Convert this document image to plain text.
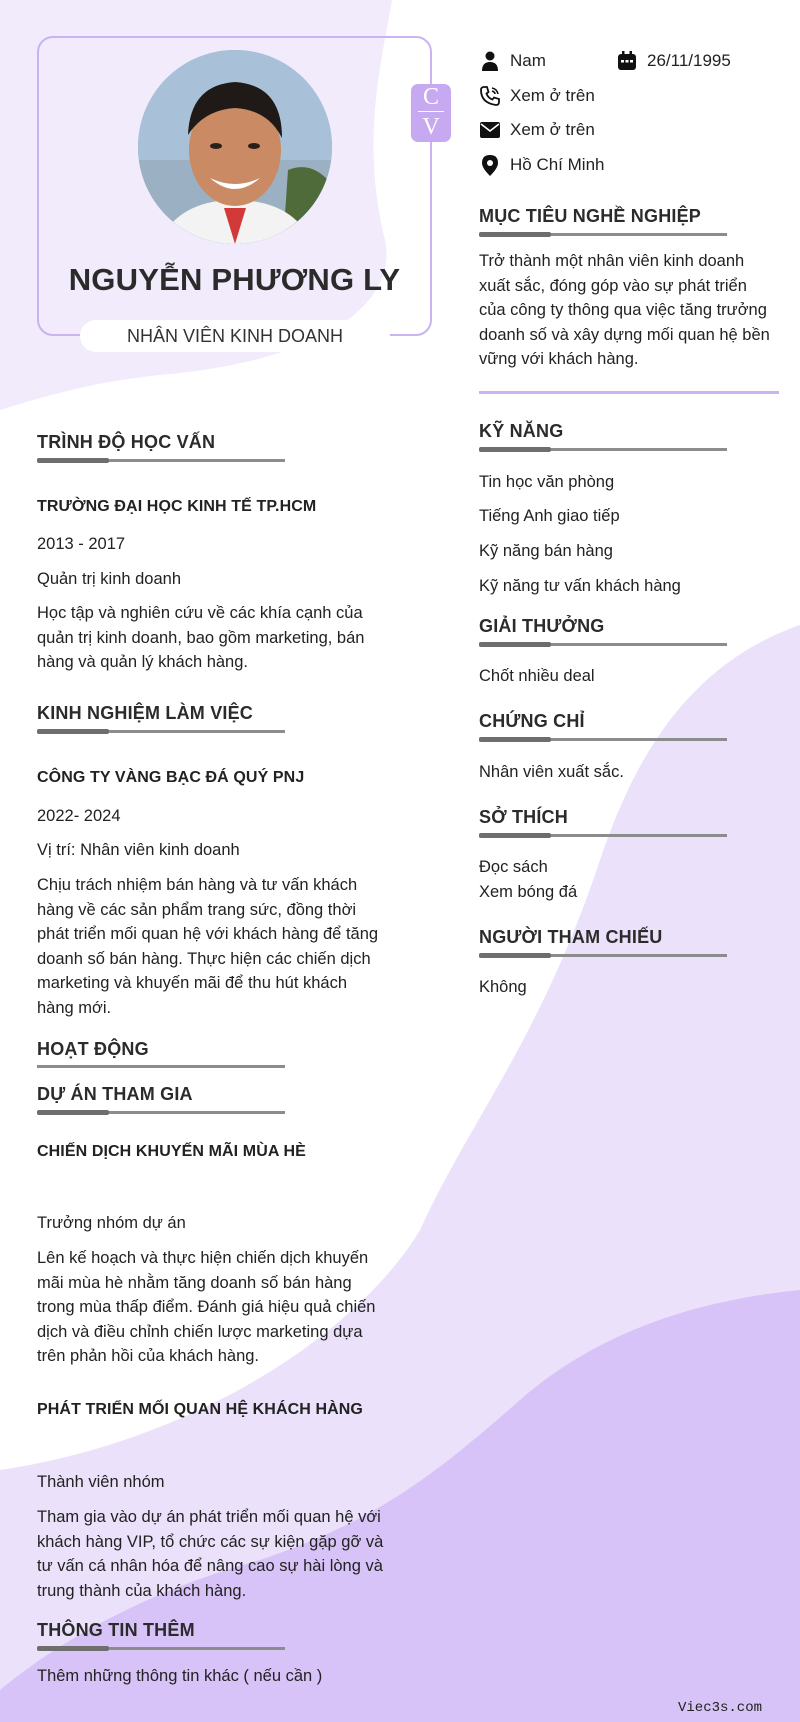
C
V
NGUYỄN PHƯƠNG LY
NHÂN VIÊN KINH DOANH
Nam	26/11/1995
Xem ở trên
Xem ở trên
Hồ Chí Minh
MỤC TIÊU NGHỀ NGHIỆP
Trở thành một nhân viên kinh doanh
xuất sắc, đóng góp vào sự phát triển
của công ty thông qua việc tăng trưởng
doanh số và xây dựng mối quan hệ bền
vững với khách hàng.
KỸ NĂNG
Tin học văn phòng
Tiếng Anh giao tiếp
Kỹ năng bán hàng
Kỹ năng tư vấn khách hàng
GIẢI THƯỞNG
Chốt nhiều deal
CHỨNG CHỈ
Nhân viên xuất sắc.
SỞ THÍCH
Đọc sách
Xem bóng đá
NGƯỜI THAM CHIẾU
Không
TRÌNH ĐỘ HỌC VẤN
TRƯỜNG ĐẠI HỌC KINH TẾ TP.HCM
2013 - 2017
Quản trị kinh doanh
Học tập và nghiên cứu về các khía cạnh của
quản trị kinh doanh, bao gồm marketing, bán
hàng và quản lý khách hàng.
KINH NGHIỆM LÀM VIỆC
CÔNG TY VÀNG BẠC ĐÁ QUÝ PNJ
2022- 2024
Vị trí: Nhân viên kinh doanh
Chịu trách nhiệm bán hàng và tư vấn khách
hàng về các sản phẩm trang sức, đồng thời
phát triển mối quan hệ với khách hàng để tăng
doanh số bán hàng. Thực hiện các chiến dịch
marketing và khuyến mãi để thu hút khách
hàng mới.
HOẠT ĐỘNG
DỰ ÁN THAM GIA
CHIẾN DỊCH KHUYẾN MÃI MÙA HÈ
Trưởng nhóm dự án
Lên kế hoạch và thực hiện chiến dịch khuyến
mãi mùa hè nhằm tăng doanh số bán hàng
trong mùa thấp điểm. Đánh giá hiệu quả chiến
dịch và điều chỉnh chiến lược marketing dựa
trên phản hồi của khách hàng.
PHÁT TRIỂN MỐI QUAN HỆ KHÁCH HÀNG
Thành viên nhóm
Tham gia vào dự án phát triển mối quan hệ với
khách hàng VIP, tổ chức các sự kiện gặp gỡ và
tư vấn cá nhân hóa để nâng cao sự hài lòng và
trung thành của khách hàng.
THÔNG TIN THÊM
Thêm những thông tin khác ( nếu cần )
Viec3s.com
